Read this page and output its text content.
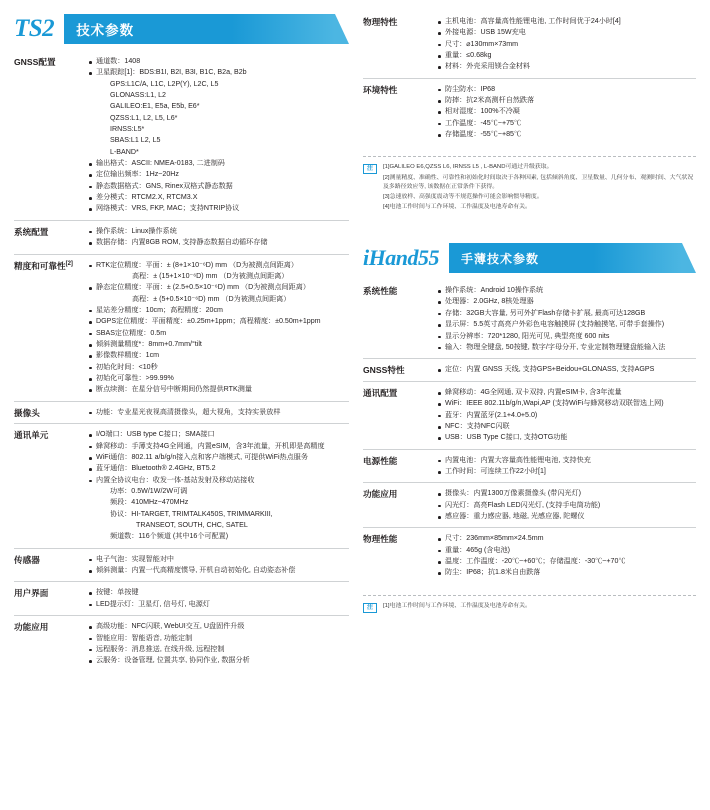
TS2	技术参数
GNSS配置	通道数：1408
卫星跟踪[1]：BDS:B1I, B2I, B3I, B1C, B2a, B2b
GPS:L1C/A, L1C, L2P(Y), L2C, L5
GLONASS:L1, L2
GALILEO:E1, E5a, E5b, E6*
QZSS:L1, L2, L5, L6*
IRNSS:L5*
SBAS:L1 L2, L5
L-BAND*
输出格式：ASCII: NMEA-0183, 二进制码
定位输出频率：1Hz~20Hz
静态数据格式：GNS, Rinex双格式静态数据
差分模式：RTCM2.X, RTCM3.X
网络模式：VRS, FKP, MAC；支持NTRIP协议
系统配置	操作系统：Linux操作系统
数据存储：内置8GB ROM, 支持静态数据自动循环存储
精度和可靠性[2]	RTK定位精度：平面：± (8+1×10⁻⁶D) mm （D为被测点间距离）
高程：± (15+1×10⁻⁶D) mm （D为被测点间距离）
静态定位精度：平面：± (2.5+0.5×10⁻⁶D) mm （D为被测点间距离）
高程：± (5+0.5×10⁻⁶D) mm （D为被测点间距离）
星站差分精度：10cm；高程精度：20cm
DGPS定位精度：平面精度：±0.25m+1ppm；高程精度：±0.50m+1ppm
SBAS定位精度：0.5m
倾斜测量精度*：8mm+0.7mm/°tilt
影像数样精度：1cm
初始化时间：<10秒
初始化可靠性：>99.99%
断点续测：在星分信号中断期间仍然提供RTK测量
摄像头	功能：专业星光夜视高清摄像头，超大视角，支持实景放样
通讯单元	I/O端口：USB type C接口；SMA接口
蜂窝移动：手薄支持4G全网通，内置eSIM，含3年流量，开机即是高精度
WiFi通信：802.11 a/b/g/n接入点和客户端模式, 可提供WiFi热点服务
蓝牙通信：Bluetooth® 2.4GHz, BT5.2
内置全协议电台：收发一体-基站发射及移动站接收
功率：0.5W/1W/2W可调
频段：410MHz~470MHz
协议：HI-TARGET, TRIMTALK450S, TRIMMARKIII,
TRANSEOT, SOUTH, CHC, SATEL
频道数：116个频道 (其中16个可配置)
传感器	电子气泡：实现智能对中
倾斜测量：内置一代高精度惯导, 开机自动初始化, 自动姿态补偿
用户界面	按键：单按键
LED提示灯：卫星灯, 信号灯, 电源灯
功能应用	高级功能：NFC闪联, WebUI交互, U盘固件升级
智能应用：智能语音, 功能定制
远程服务：消息推送, 在线升级, 远程控制
云服务：设备管理, 位置共享, 协同作业, 数据分析
物理特性	主机电池：高容量高性能锂电池, 工作时间优于24小时[4]
外接电源：USB 15W充电
尺寸：⌀130mm×73mm
重量：≤0.68kg
材料：外壳采用镁合金材料
环境特性	防尘防水：IP68
防摔：抗2米高测杆自然跌落
相对湿度：100%不冷凝
工作温度：-45℃~+75℃
存储温度：-55℃~+85℃
注	[1]GALILEO E6,QZSS L6, IRNSS L5 , L-BAND可通过升级获取。
[2]测量精度、准确性、可靠性和初始化时间取决于各种因素, 包括倾斜角度、卫星数量、几何分布、观测时间、大气状况及多路径效应等, 该数据在正常条件下获得。
[3]急速放样、高强度震动等不规范操作可能会影响惯导精度。
[4]电池工作时间与工作环境、工作温度及电池寿命有关。
iHand55	手薄技术参数
系统性能	操作系统：Android 10操作系统
处理器：2.0GHz, 8核处理器
存储：32GB大容量, 另可外扩Flash存储卡扩展, 最高可达128GB
显示屏：5.5英寸高亮户外彩色电容触摸屏 (支持触摸笔, 可带手套操作)
显示分辨率：720*1280, 阳光可见, 典型亮度 600 nits
输入：物理全键盘, 50按键, 数字/字母分开, 专业定制物理键盘能输入法
GNSS特性	定位：内置 GNSS 天线, 支持GPS+Beidou+GLONASS, 支持AGPS
通讯配置	蜂窝移动：4G全网通, 双卡双持, 内置eSIM卡, 含3年流量
WiFi：IEEE 802.11b/g/n,Wapi,AP (支持WiFi与蜂窝移动双联智选上网)
蓝牙：内置蓝牙(2.1+4.0+5.0)
NFC：支持NFC闪联
USB：USB Type C接口, 支持OTG功能
电源性能	内置电池：内置大容量高性能锂电池, 支持快充
工作时间：可连续工作22小时[1]
功能应用	摄像头：内置1300万像素摄像头 (带闪光灯)
闪光灯：高亮Flash LED闪光灯, (支持手电筒功能)
感应器：重力感应器, 地磁, 光感应器, 陀螺仪
物理性能	尺寸：236mm×85mm×24.5mm
重量：465g (含电池)
温度：工作温度：-20℃~+60℃；存储温度：-30℃~+70℃
防尘：IP68；抗1.8米自由跌落
注	[1]电池工作时间与工作环境、工作温度及电池寿命有关。
